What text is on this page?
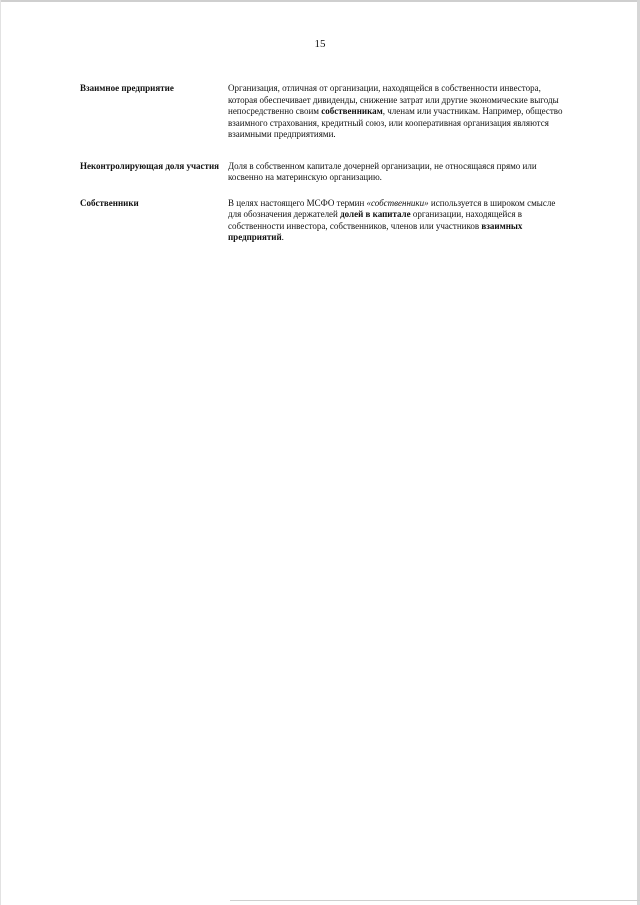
15
Взаимное предприятие	Организация, отличная от организации, находящейся в собственности инвестора, которая обеспечивает дивиденды, снижение затрат или другие экономические выгоды непосредственно своим собственникам, членам или участникам. Например, общество взаимного страхования, кредитный союз, или кооперативная организация являются взаимными предприятиями.
Неконтролирующая доля участия Доля в собственном капитале дочерней организации, не относящаяся прямо или косвенно на материнскую организацию.
Собственники	В целях настоящего МСФО термин «собственники» используется в широком смысле для обозначения держателей долей в капитале организации, находящейся в собственности инвестора, собственников, членов или участников взаимных предприятий.
